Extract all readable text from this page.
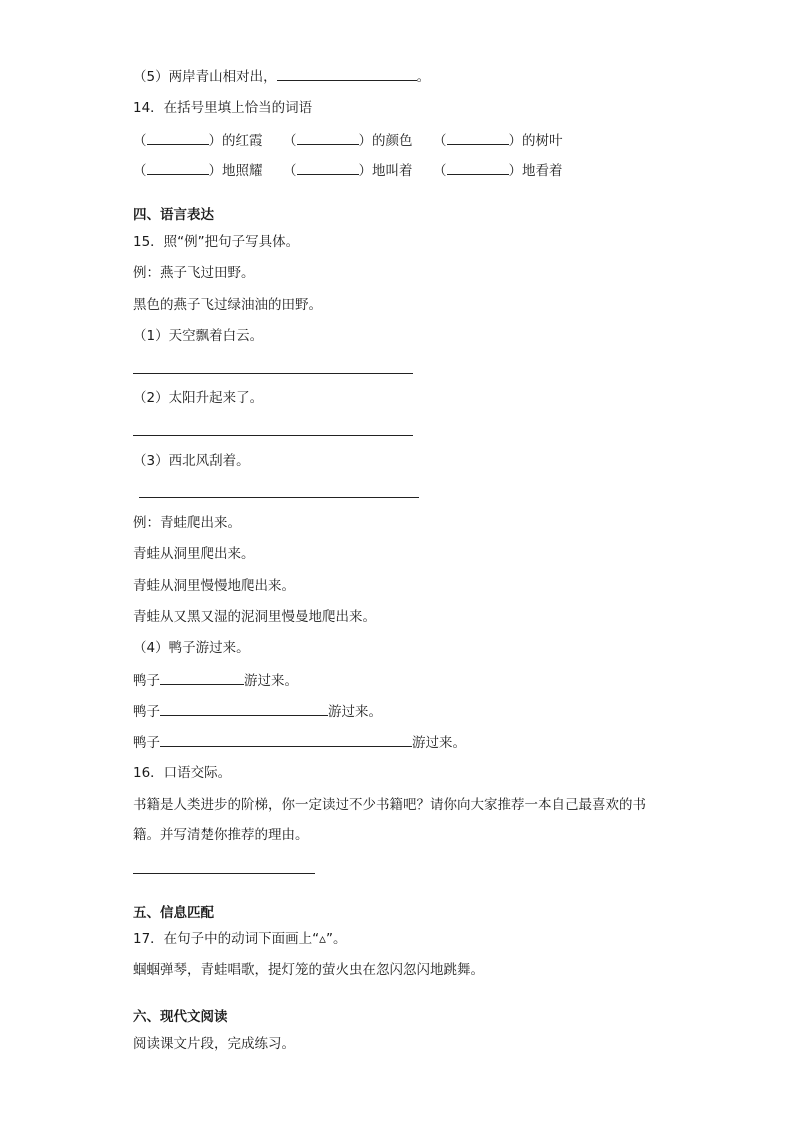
（5）两岸青山相对出，	。
14．在括号里填上恰当的词语
（	）的红霞 （	）的颜色 （	）的树叶
（	）地照耀 （	）地叫着 （	）地看着
四、语言表达
15．照“例”把句子写具体。
例：燕子飞过田野。
黑色的燕子飞过绿油油的田野。
（1）天空飘着白云。
（2）太阳升起来了。
（3）西北风刮着。
例：青蛙爬出来。
青蛙从洞里爬出来。
青蛙从洞里慢慢地爬出来。
青蛙从又黑又湿的泥洞里慢曼地爬出来。
（4）鸭子游过来。
鸭子	游过来。
鸭子	游过来。
鸭子	游过来。
16．口语交际。
书籍是人类进步的阶梯，你一定读过不少书籍吧？请你向大家推荐一本自己最喜欢的书
籍。并写清楚你推荐的理由。
五、信息匹配
17．在句子中的动词下面画上“▵”。
蝈蝈弹琴，青蛙唱歌，提灯笼的萤火虫在忽闪忽闪地跳舞。
六、现代文阅读
阅读课文片段，完成练习。
